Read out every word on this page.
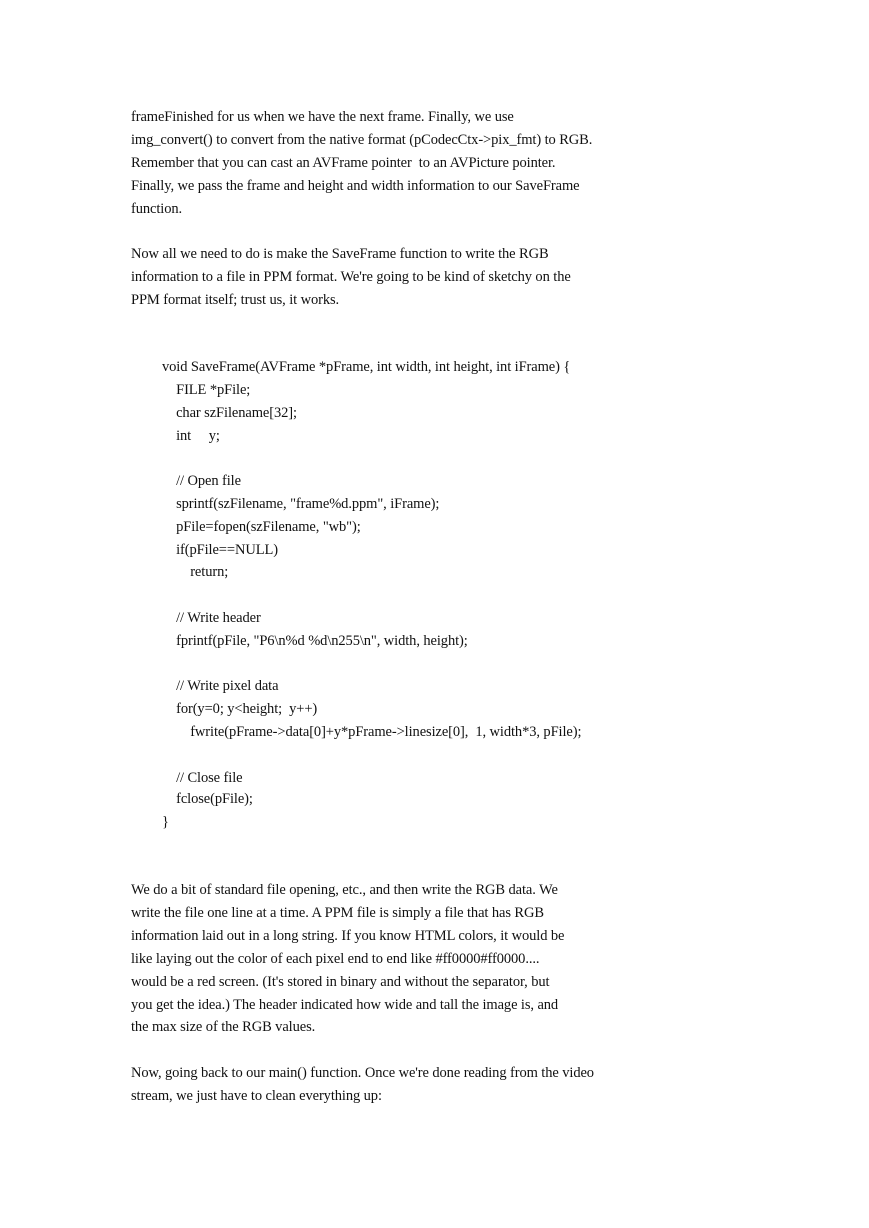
frameFinished for us when we have the next frame. Finally, we use
img_convert() to convert from the native format (pCodecCtx->pix_fmt) to RGB.
Remember that you can cast an AVFrame pointer  to an AVPicture pointer.
Finally, we pass the frame and height and width information to our SaveFrame
function.
Now all we need to do is make the SaveFrame function to write the RGB
information to a file in PPM format. We're going to be kind of sketchy on the
PPM format itself; trust us, it works.
void SaveFrame(AVFrame *pFrame, int width, int height, int iFrame) {
FILE *pFile;
char szFilename[32];
int     y;
// Open file
sprintf(szFilename, "frame%d.ppm", iFrame);
pFile=fopen(szFilename, "wb");
if(pFile==NULL)
return;
// Write header
fprintf(pFile, "P6\n%d %d\n255\n", width, height);
// Write pixel data
for(y=0; y<height;  y++)
fwrite(pFrame->data[0]+y*pFrame->linesize[0],  1, width*3, pFile);
// Close file
fclose(pFile);
}
We do a bit of standard file opening, etc., and then write the RGB data. We
write the file one line at a time. A PPM file is simply a file that has RGB
information laid out in a long string. If you know HTML colors, it would be
like laying out the color of each pixel end to end like #ff0000#ff0000....
would be a red screen. (It's stored in binary and without the separator, but
you get the idea.) The header indicated how wide and tall the image is, and
the max size of the RGB values.
Now, going back to our main() function. Once we're done reading from the video
stream, we just have to clean everything up:
